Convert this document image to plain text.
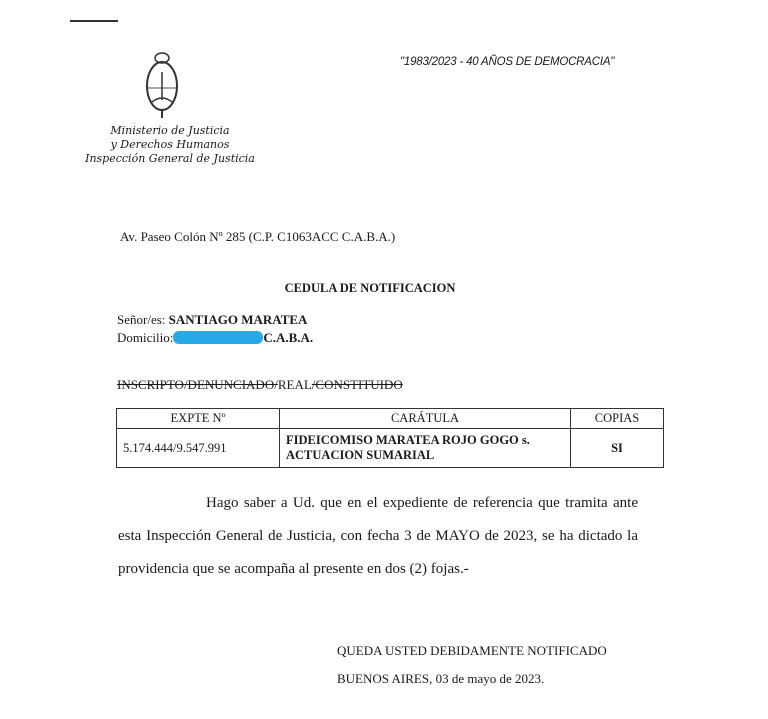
Ministerio de Justicia
y Derechos Humanos
Inspección General de Justicia
"1983/2023 - 40 AÑOS DE DEMOCRACIA"
Av. Paseo Colón Nº 285 (C.P. C1063ACC C.A.B.A.)
CEDULA DE NOTIFICACION
Señor/es: SANTIAGO MARATEA
Domicilio:	C.A.B.A.
INSCRIPTO/DENUNCIADO/REAL/CONSTITUIDO
EXPTE Nº	CARÁTULA	COPIAS
5.174.444/9.547.991	FIDEICOMISO MARATEA ROJO GOGO s. ACTUACION SUMARIAL	SI
Hago saber a Ud. que en el expediente de referencia que tramita ante esta Inspección General de Justicia, con fecha 3 de MAYO de 2023, se ha dictado la providencia que se acompaña al presente en dos (2) fojas.-
QUEDA USTED DEBIDAMENTE NOTIFICADO
BUENOS AIRES, 03 de mayo de 2023.
